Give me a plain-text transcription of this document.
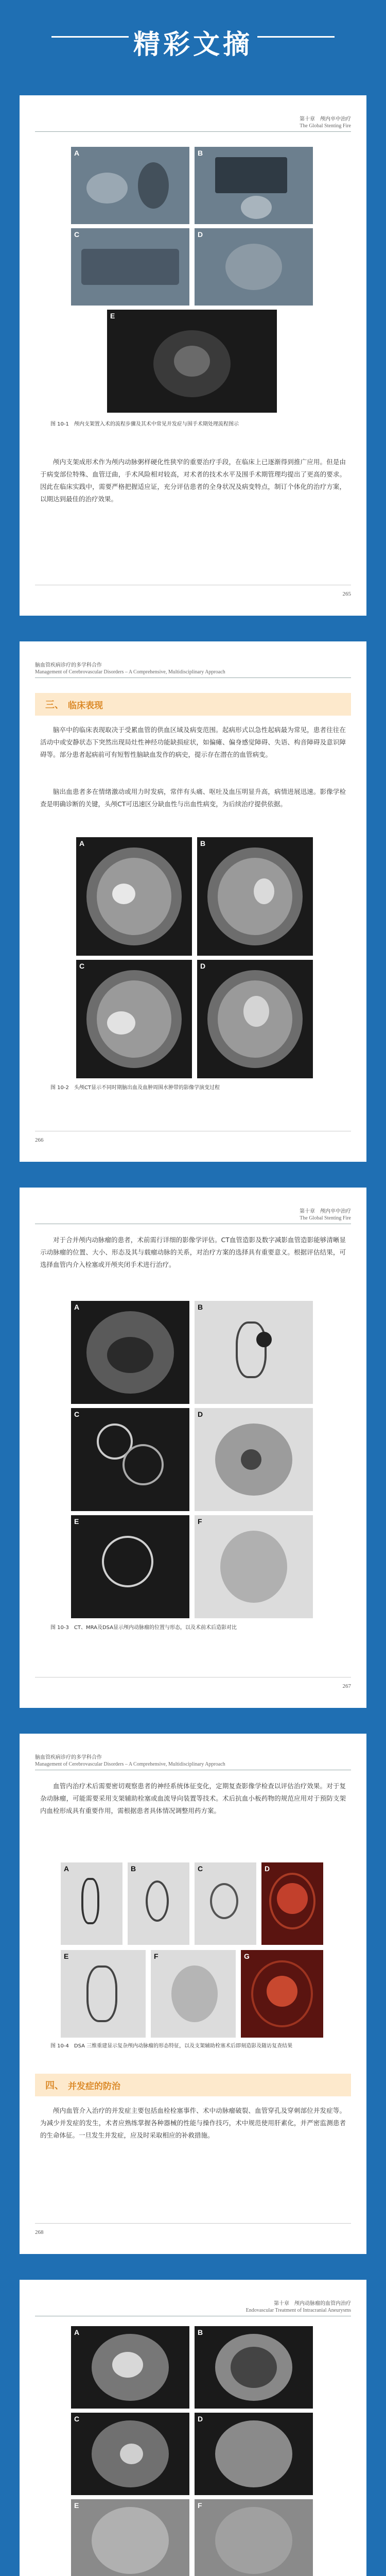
精彩文摘
第十章　颅内卒中治疗
The Global Stenting Fire
A	B
C	D
E
图 10-1　颅内支架置入术的流程步骤及其术中常见并发症与围手术期处理流程图示
颅内支架成形术作为颅内动脉粥样硬化性狭窄的重要治疗手段，在临床上已逐渐得到推广应用。但是由于病变部位特殊、血管迂曲，手术风险相对较高，对术者的技术水平及围手术期管理均提出了更高的要求。因此在临床实践中，需要严格把握适应证，充分评估患者的全身状况及病变特点，制订个体化的治疗方案，以期达到最佳的治疗效果。
265
脑血管疾病诊疗的多学科合作
Management of Cerebrovascular Disorders – A Comprehensive, Multidisciplinary Approach
三、 临床表现
脑卒中的临床表现取决于受累血管的供血区域及病变范围。起病形式以急性起病最为常见，患者往往在活动中或安静状态下突然出现局灶性神经功能缺损症状，如偏瘫、偏身感觉障碍、失语、构音障碍及意识障碍等。部分患者起病前可有短暂性脑缺血发作的病史，提示存在潜在的血管病变。
脑出血患者多在情绪激动或用力时发病，常伴有头痛、呕吐及血压明显升高，病情进展迅速。影像学检查是明确诊断的关键，头颅CT可迅速区分缺血性与出血性病变，为后续治疗提供依据。
A	B
C	D
图 10-2　头颅CT显示不同时期脑出血及血肿周围水肿带的影像学演变过程
266
第十章　颅内卒中治疗
The Global Stenting Fire
对于合并颅内动脉瘤的患者，术前需行详细的影像学评估。CT血管造影及数字减影血管造影能够清晰显示动脉瘤的位置、大小、形态及其与载瘤动脉的关系，对治疗方案的选择具有重要意义。根据评估结果，可选择血管内介入栓塞或开颅夹闭手术进行治疗。
A	B
C	D
E	F
图 10-3　CT、MRA及DSA显示颅内动脉瘤的位置与形态，以及术前术后造影对比
267
脑血管疾病诊疗的多学科合作
Management of Cerebrovascular Disorders – A Comprehensive, Multidisciplinary Approach
血管内治疗术后需要密切观察患者的神经系统体征变化，定期复查影像学检查以评估治疗效果。对于复杂动脉瘤，可能需要采用支架辅助栓塞或血流导向装置等技术。术后抗血小板药物的规范应用对于预防支架内血栓形成具有重要作用，需根据患者具体情况调整用药方案。
A	B	C	D
E	F	G
图 10-4　DSA 三维重建显示复杂颅内动脉瘤的形态特征，以及支架辅助栓塞术后即刻造影及随访复查结果
四、 并发症的防治
颅内血管介入治疗的并发症主要包括血栓栓塞事件、术中动脉瘤破裂、血管穿孔及穿刺部位并发症等。为减少并发症的发生，术者应熟练掌握各种器械的性能与操作技巧，术中规范使用肝素化，并严密监测患者的生命体征。一旦发生并发症，应及时采取相应的补救措施。
268
第十章　颅内动脉瘤的血管内治疗
Endovascular Treatment of Intracranial Aneurysms
A	B
C	D
E	F
